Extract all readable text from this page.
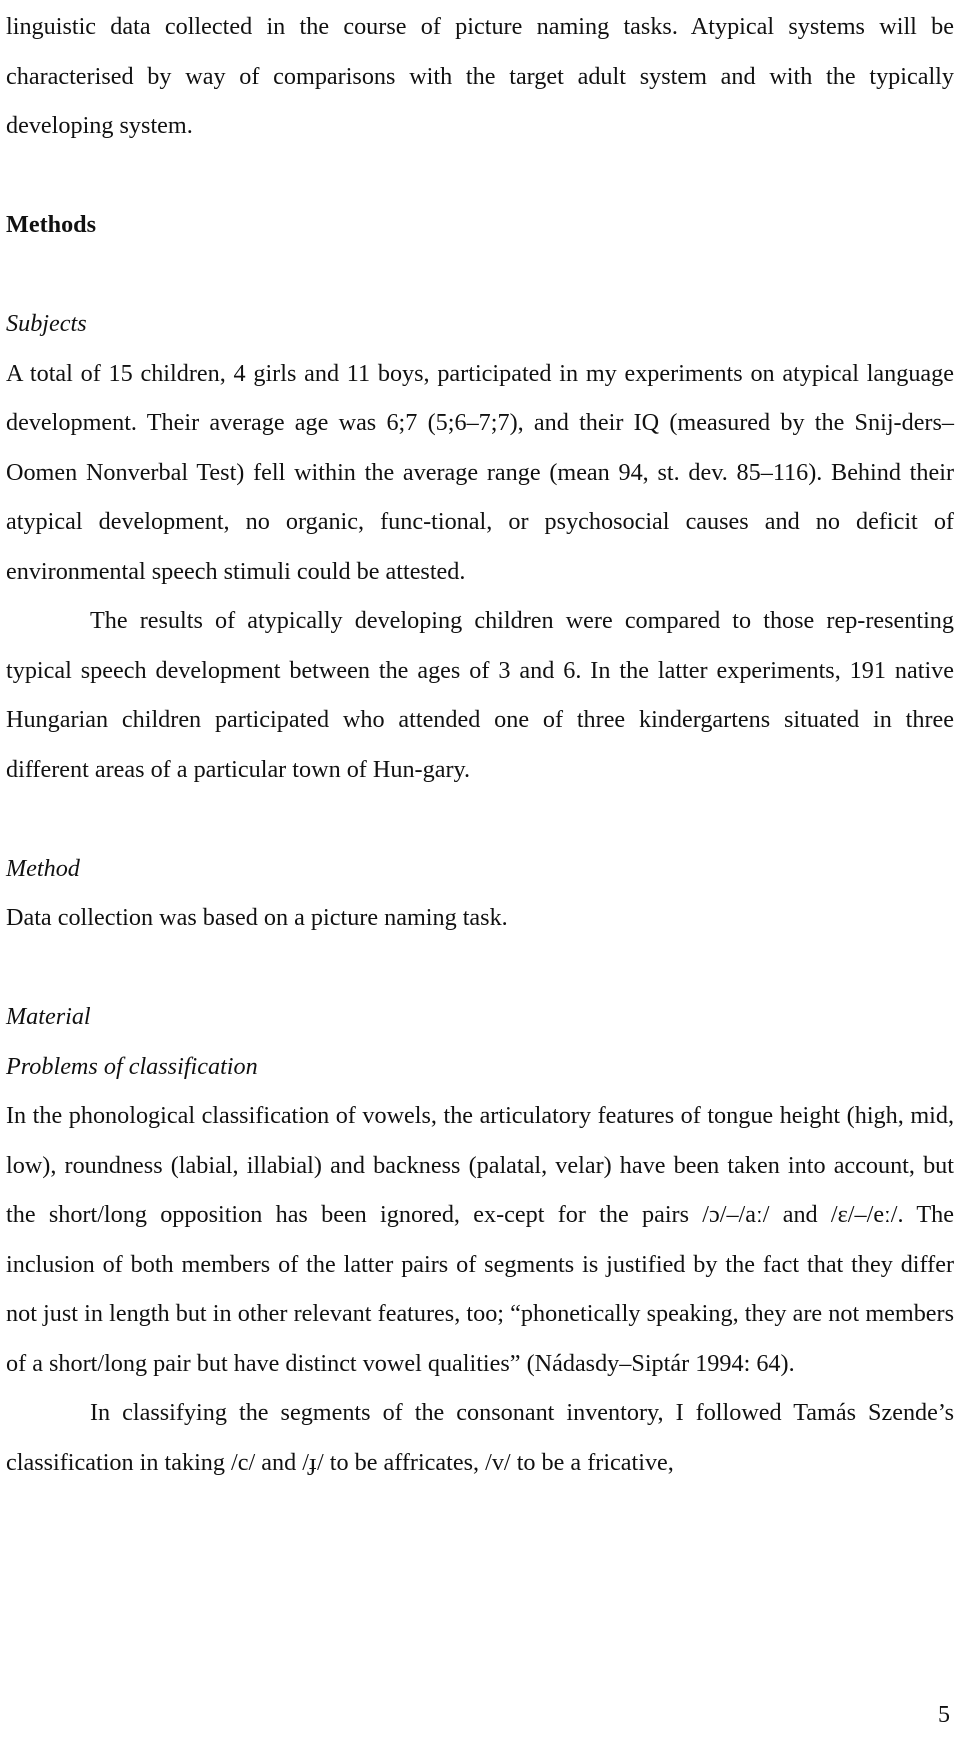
linguistic data collected in the course of picture naming tasks. Atypical systems will be characterised by way of comparisons with the target adult system and with the typically developing system.

Methods

Subjects

A total of 15 children, 4 girls and 11 boys, participated in my experiments on atypical language development. Their average age was 6;7 (5;6–7;7), and their IQ (measured by the Snij-ders–Oomen Nonverbal Test) fell within the average range (mean 94, st. dev. 85–116). Behind their atypical development, no organic, func-tional, or psychosocial causes and no deficit of environmental speech stimuli could be attested.

The results of atypically developing children were compared to those rep-resenting typical speech development between the ages of 3 and 6. In the latter experiments, 191 native Hungarian children participated who attended one of three kindergartens situated in three different areas of a particular town of Hun-gary.

Method

Data collection was based on a picture naming task.

Material

Problems of classification

In the phonological classification of vowels, the articulatory features of tongue height (high, mid, low), roundness (labial, illabial) and backness (palatal, velar) have been taken into account, but the short/long opposition has been ignored, ex-cept for the pairs /ɔ/–/aː/ and /ɛ/–/eː/. The inclusion of both members of the latter pairs of segments is justified by the fact that they differ not just in length but in other relevant features, too; “phonetically speaking, they are not members of a short/long pair but have distinct vowel qualities” (Nádasdy–Siptár 1994: 64).

In classifying the segments of the consonant inventory, I followed Tamás Szende’s classification in taking /c/ and /ɟ/ to be affricates, /v/ to be a fricative,

5
